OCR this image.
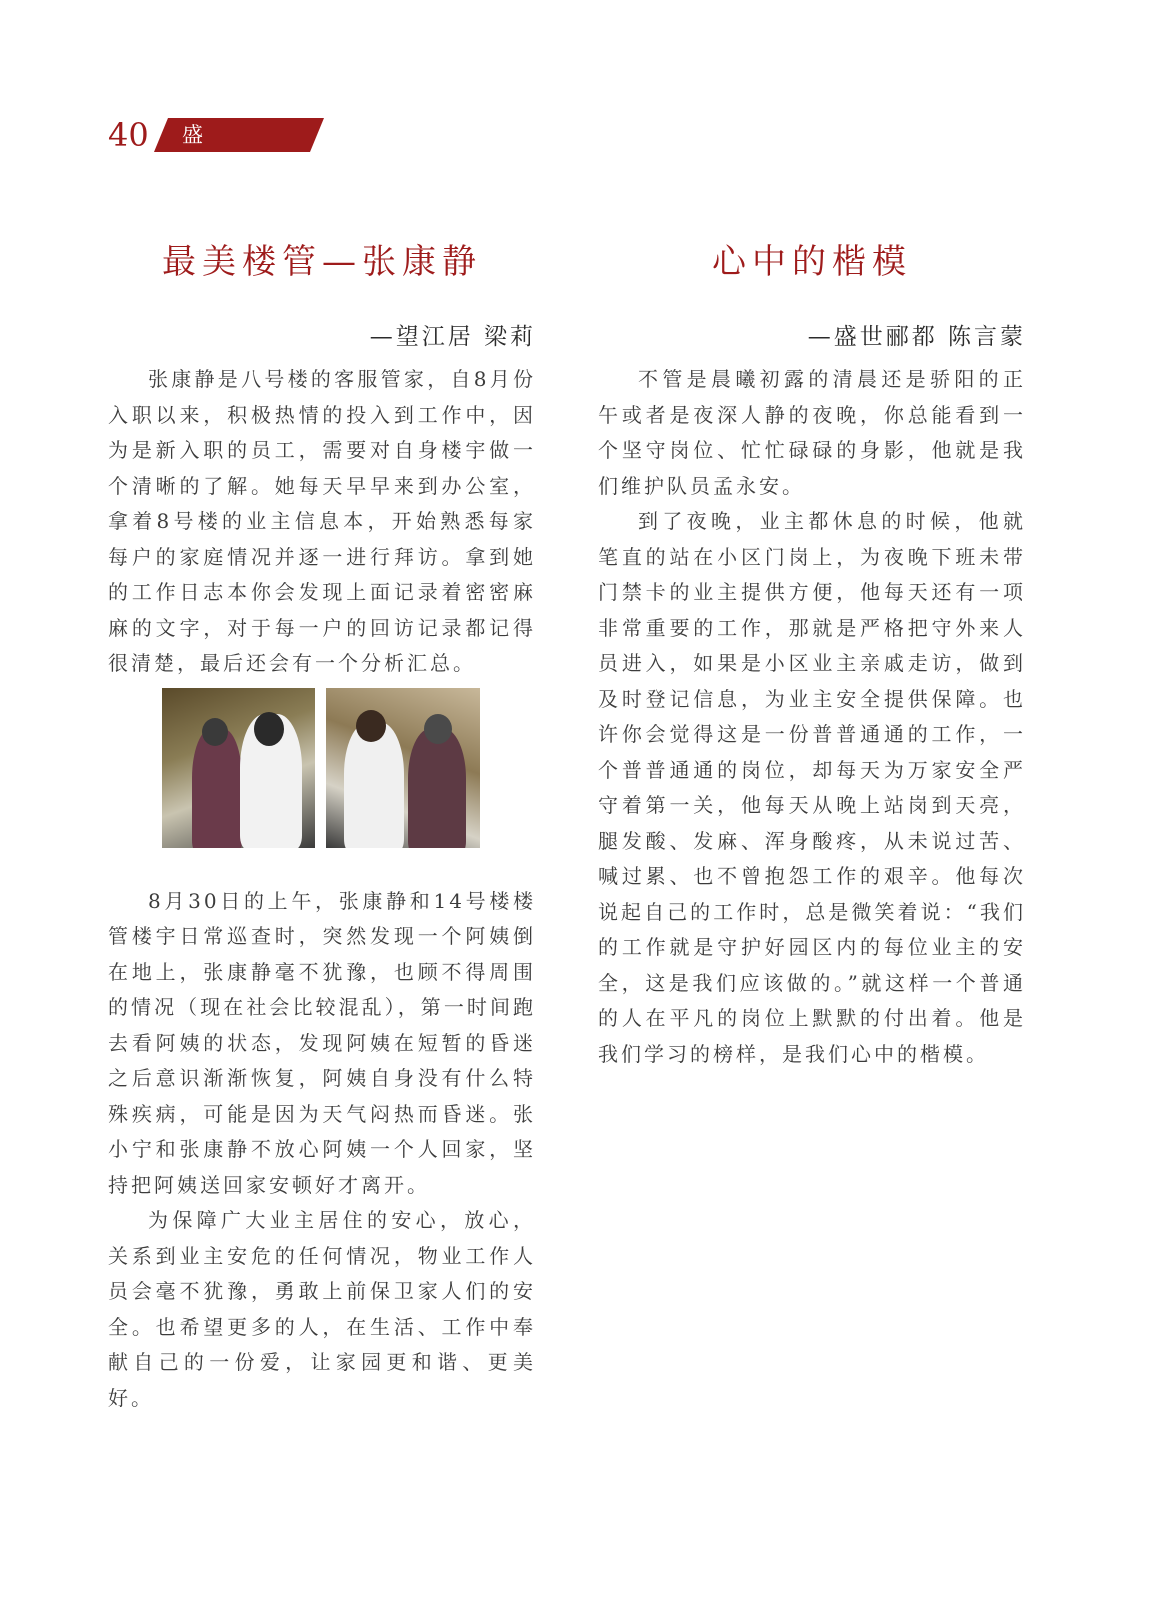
40 盛世物业
最美楼管—张康静
—望江居 梁莉

张康静是八号楼的客服管家，自8月份入职以来，积极热情的投入到工作中，因为是新入职的员工，需要对自身楼宇做一个清晰的了解。她每天早早来到办公室，拿着8号楼的业主信息本，开始熟悉每家每户的家庭情况并逐一进行拜访。拿到她的工作日志本你会发现上面记录着密密麻麻的文字，对于每一户的回访记录都记得很清楚，最后还会有一个分析汇总。

8月30日的上午，张康静和14号楼楼管楼宇日常巡查时，突然发现一个阿姨倒在地上，张康静毫不犹豫，也顾不得周围的情况（现在社会比较混乱），第一时间跑去看阿姨的状态，发现阿姨在短暂的昏迷之后意识渐渐恢复，阿姨自身没有什么特殊疾病，可能是因为天气闷热而昏迷。张小宁和张康静不放心阿姨一个人回家，坚持把阿姨送回家安顿好才离开。

为保障广大业主居住的安心，放心，关系到业主安危的任何情况，物业工作人员会毫不犹豫，勇敢上前保卫家人们的安全。也希望更多的人，在生活、工作中奉献自己的一份爱，让家园更和谐、更美好。

心中的楷模
—盛世郦都 陈言蒙

不管是晨曦初露的清晨还是骄阳的正午或者是夜深人静的夜晚，你总能看到一个坚守岗位、忙忙碌碌的身影，他就是我们维护队员孟永安。

到了夜晚，业主都休息的时候，他就笔直的站在小区门岗上，为夜晚下班未带门禁卡的业主提供方便，他每天还有一项非常重要的工作，那就是严格把守外来人员进入，如果是小区业主亲戚走访，做到及时登记信息，为业主安全提供保障。也许你会觉得这是一份普普通通的工作，一个普普通通的岗位，却每天为万家安全严守着第一关，他每天从晚上站岗到天亮，腿发酸、发麻、浑身酸疼，从未说过苦、喊过累、也不曾抱怨工作的艰辛。他每次说起自己的工作时，总是微笑着说：“我们的工作就是守护好园区内的每位业主的安全，这是我们应该做的。”就这样一个普通的人在平凡的岗位上默默的付出着。他是我们学习的榜样，是我们心中的楷模。
